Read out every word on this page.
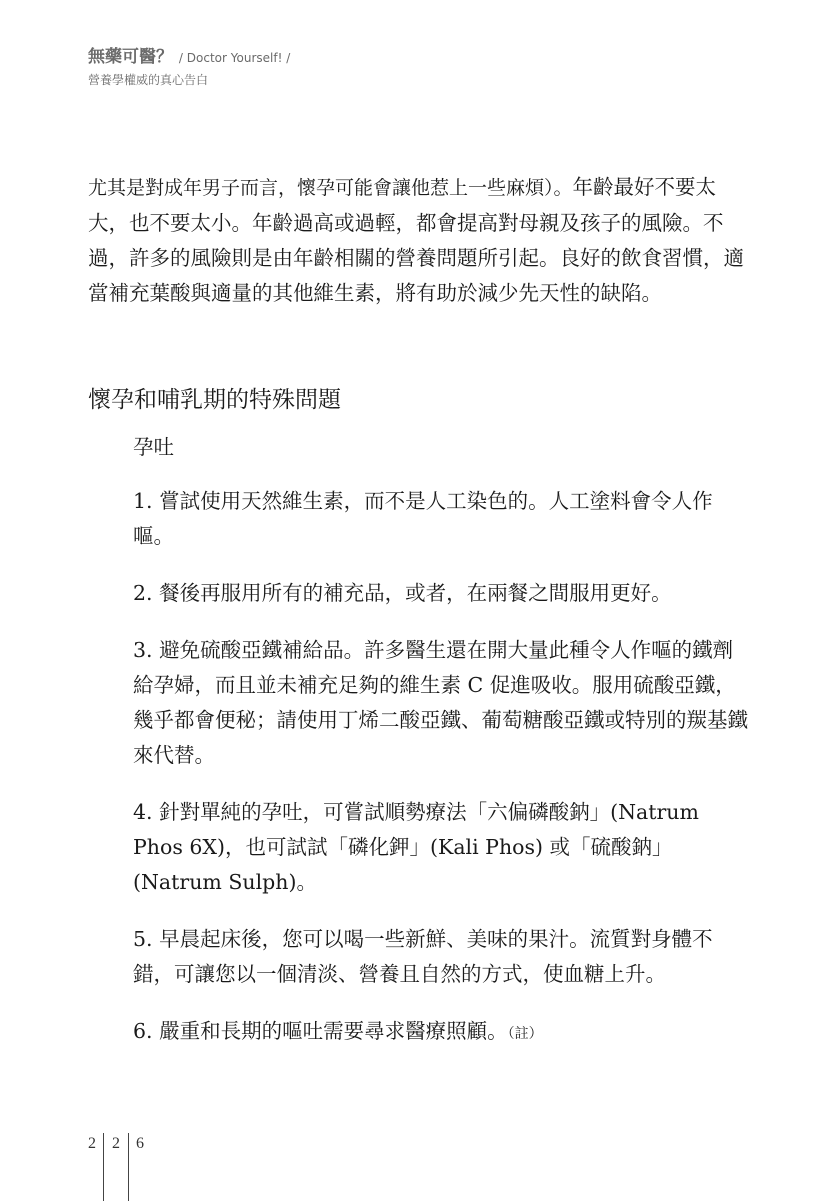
無藥可醫？ / Doctor Yourself! /
營養學權威的真心告白

尤其是對成年男子而言，懷孕可能會讓他惹上一些麻煩）。年齡最好不要太大，也不要太小。年齡過高或過輕，都會提高對母親及孩子的風險。不過，許多的風險則是由年齡相關的營養問題所引起。良好的飲食習慣，適當補充葉酸與適量的其他維生素，將有助於減少先天性的缺陷。

懷孕和哺乳期的特殊問題
孕吐

1. 嘗試使用天然維生素，而不是人工染色的。人工塗料會令人作嘔。

2. 餐後再服用所有的補充品，或者，在兩餐之間服用更好。

3. 避免硫酸亞鐵補給品。許多醫生還在開大量此種令人作嘔的鐵劑給孕婦，而且並未補充足夠的維生素 C 促進吸收。服用硫酸亞鐵，幾乎都會便秘；請使用丁烯二酸亞鐵、葡萄糖酸亞鐵或特別的羰基鐵來代替。

4. 針對單純的孕吐，可嘗試順勢療法「六偏磷酸鈉」(Natrum Phos 6X)，也可試試「磷化鉀」(Kali Phos) 或「硫酸鈉」(Natrum Sulph)。

5. 早晨起床後，您可以喝一些新鮮、美味的果汁。流質對身體不錯，可讓您以一個清淡、營養且自然的方式，使血糖上升。

6. 嚴重和長期的嘔吐需要尋求醫療照顧。（註）

2 2 6
